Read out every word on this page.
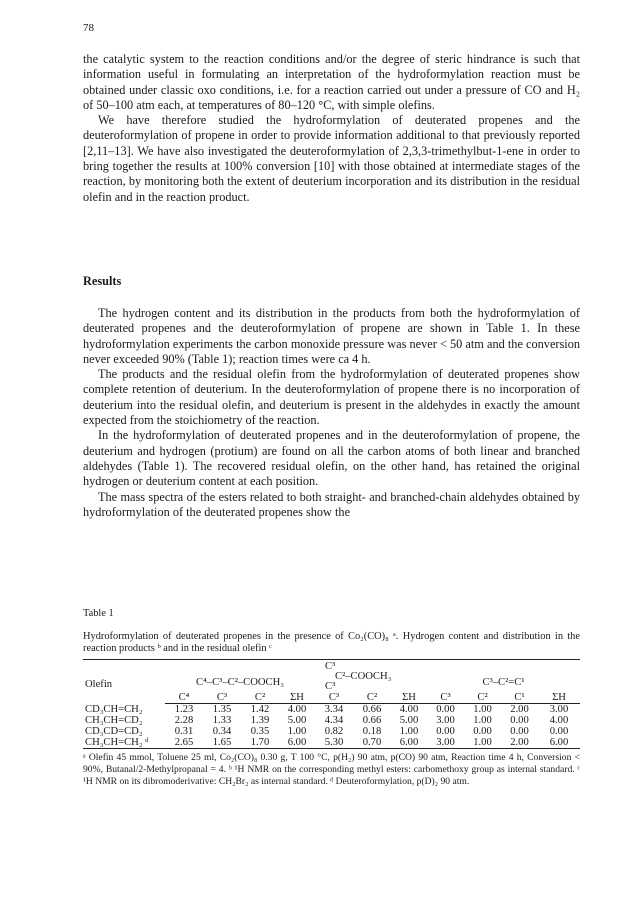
78

the catalytic system to the reaction conditions and/or the degree of steric hindrance is such that information useful in formulating an interpretation of the hydroformylation reaction must be obtained under classic oxo conditions, i.e. for a reaction carried out under a pressure of CO and H₂ of 50–100 atm each, at temperatures of 80–120 °C, with simple olefins.

We have therefore studied the hydroformylation of deuterated propenes and the deuteroformylation of propene in order to provide information additional to that previously reported [2,11–13]. We have also investigated the deuteroformylation of 2,3,3-trimethylbut-1-ene in order to bring together the results at 100% conversion [10] with those obtained at intermediate stages of the reaction, by monitoring both the extent of deuterium incorporation and its distribution in the residual olefin and in the reaction product.

Results

The hydrogen content and its distribution in the products from both the hydroformylation of deuterated propenes and the deuteroformylation of propene are shown in Table 1. In these hydroformylation experiments the carbon monoxide pressure was never < 50 atm and the conversion never exceeded 90% (Table 1); reaction times were ca 4 h.

The products and the residual olefin from the hydroformylation of deuterated propenes show complete retention of deuterium. In the deuteroformylation of propene there is no incorporation of deuterium into the residual olefin, and deuterium is present in the aldehydes in exactly the amount expected from the stoichiometry of the reaction.

In the hydroformylation of deuterated propenes and in the deuteroformylation of propene, the deuterium and hydrogen (protium) are found on all the carbon atoms of both linear and branched aldehydes (Table 1). The recovered residual olefin, on the other hand, has retained the original hydrogen or deuterium content at each position.

The mass spectra of the esters related to both straight- and branched-chain aldehydes obtained by hydroformylation of the deuterated propenes show the

Table 1

Hydroformylation of deuterated propenes in the presence of Co₂(CO)₈ ᵃ. Hydrogen content and distribution in the reaction products ᵇ and in the residual olefin ᶜ

Olefin	C⁴–C³–C²–COOCH₃				C³
C²–COOCH₃
C³			C³–C²=C¹			
	C⁴	C³	C²	ΣH	C³	C²	ΣH	C³	C²	C¹	ΣH
CD₃CH=CH₂	1.23	1.35	1.42	4.00	3.34	0.66	4.00	0.00	1.00	2.00	3.00
CH₃CH=CD₂	2.28	1.33	1.39	5.00	4.34	0.66	5.00	3.00	1.00	0.00	4.00
CD₃CD=CD₂	0.31	0.34	0.35	1.00	0.82	0.18	1.00	0.00	0.00	0.00	0.00
CH₃CH=CH₂ ᵈ	2.65	1.65	1.70	6.00	5.30	0.70	6.00	3.00	1.00	2.00	6.00

ᵃ Olefin 45 mmol, Toluene 25 ml, Co₂(CO)₈ 0.30 g, T 100 °C, p(H₂) 90 atm, p(CO) 90 atm, Reaction time 4 h, Conversion < 90%, Butanal/2-Methylpropanal = 4. ᵇ ¹H NMR on the corresponding methyl esters: carbomethoxy group as internal standard. ᶜ ¹H NMR on its dibromoderivative: CH₂Br₂ as internal standard. ᵈ Deuteroformylation, p(D)₂ 90 atm.
